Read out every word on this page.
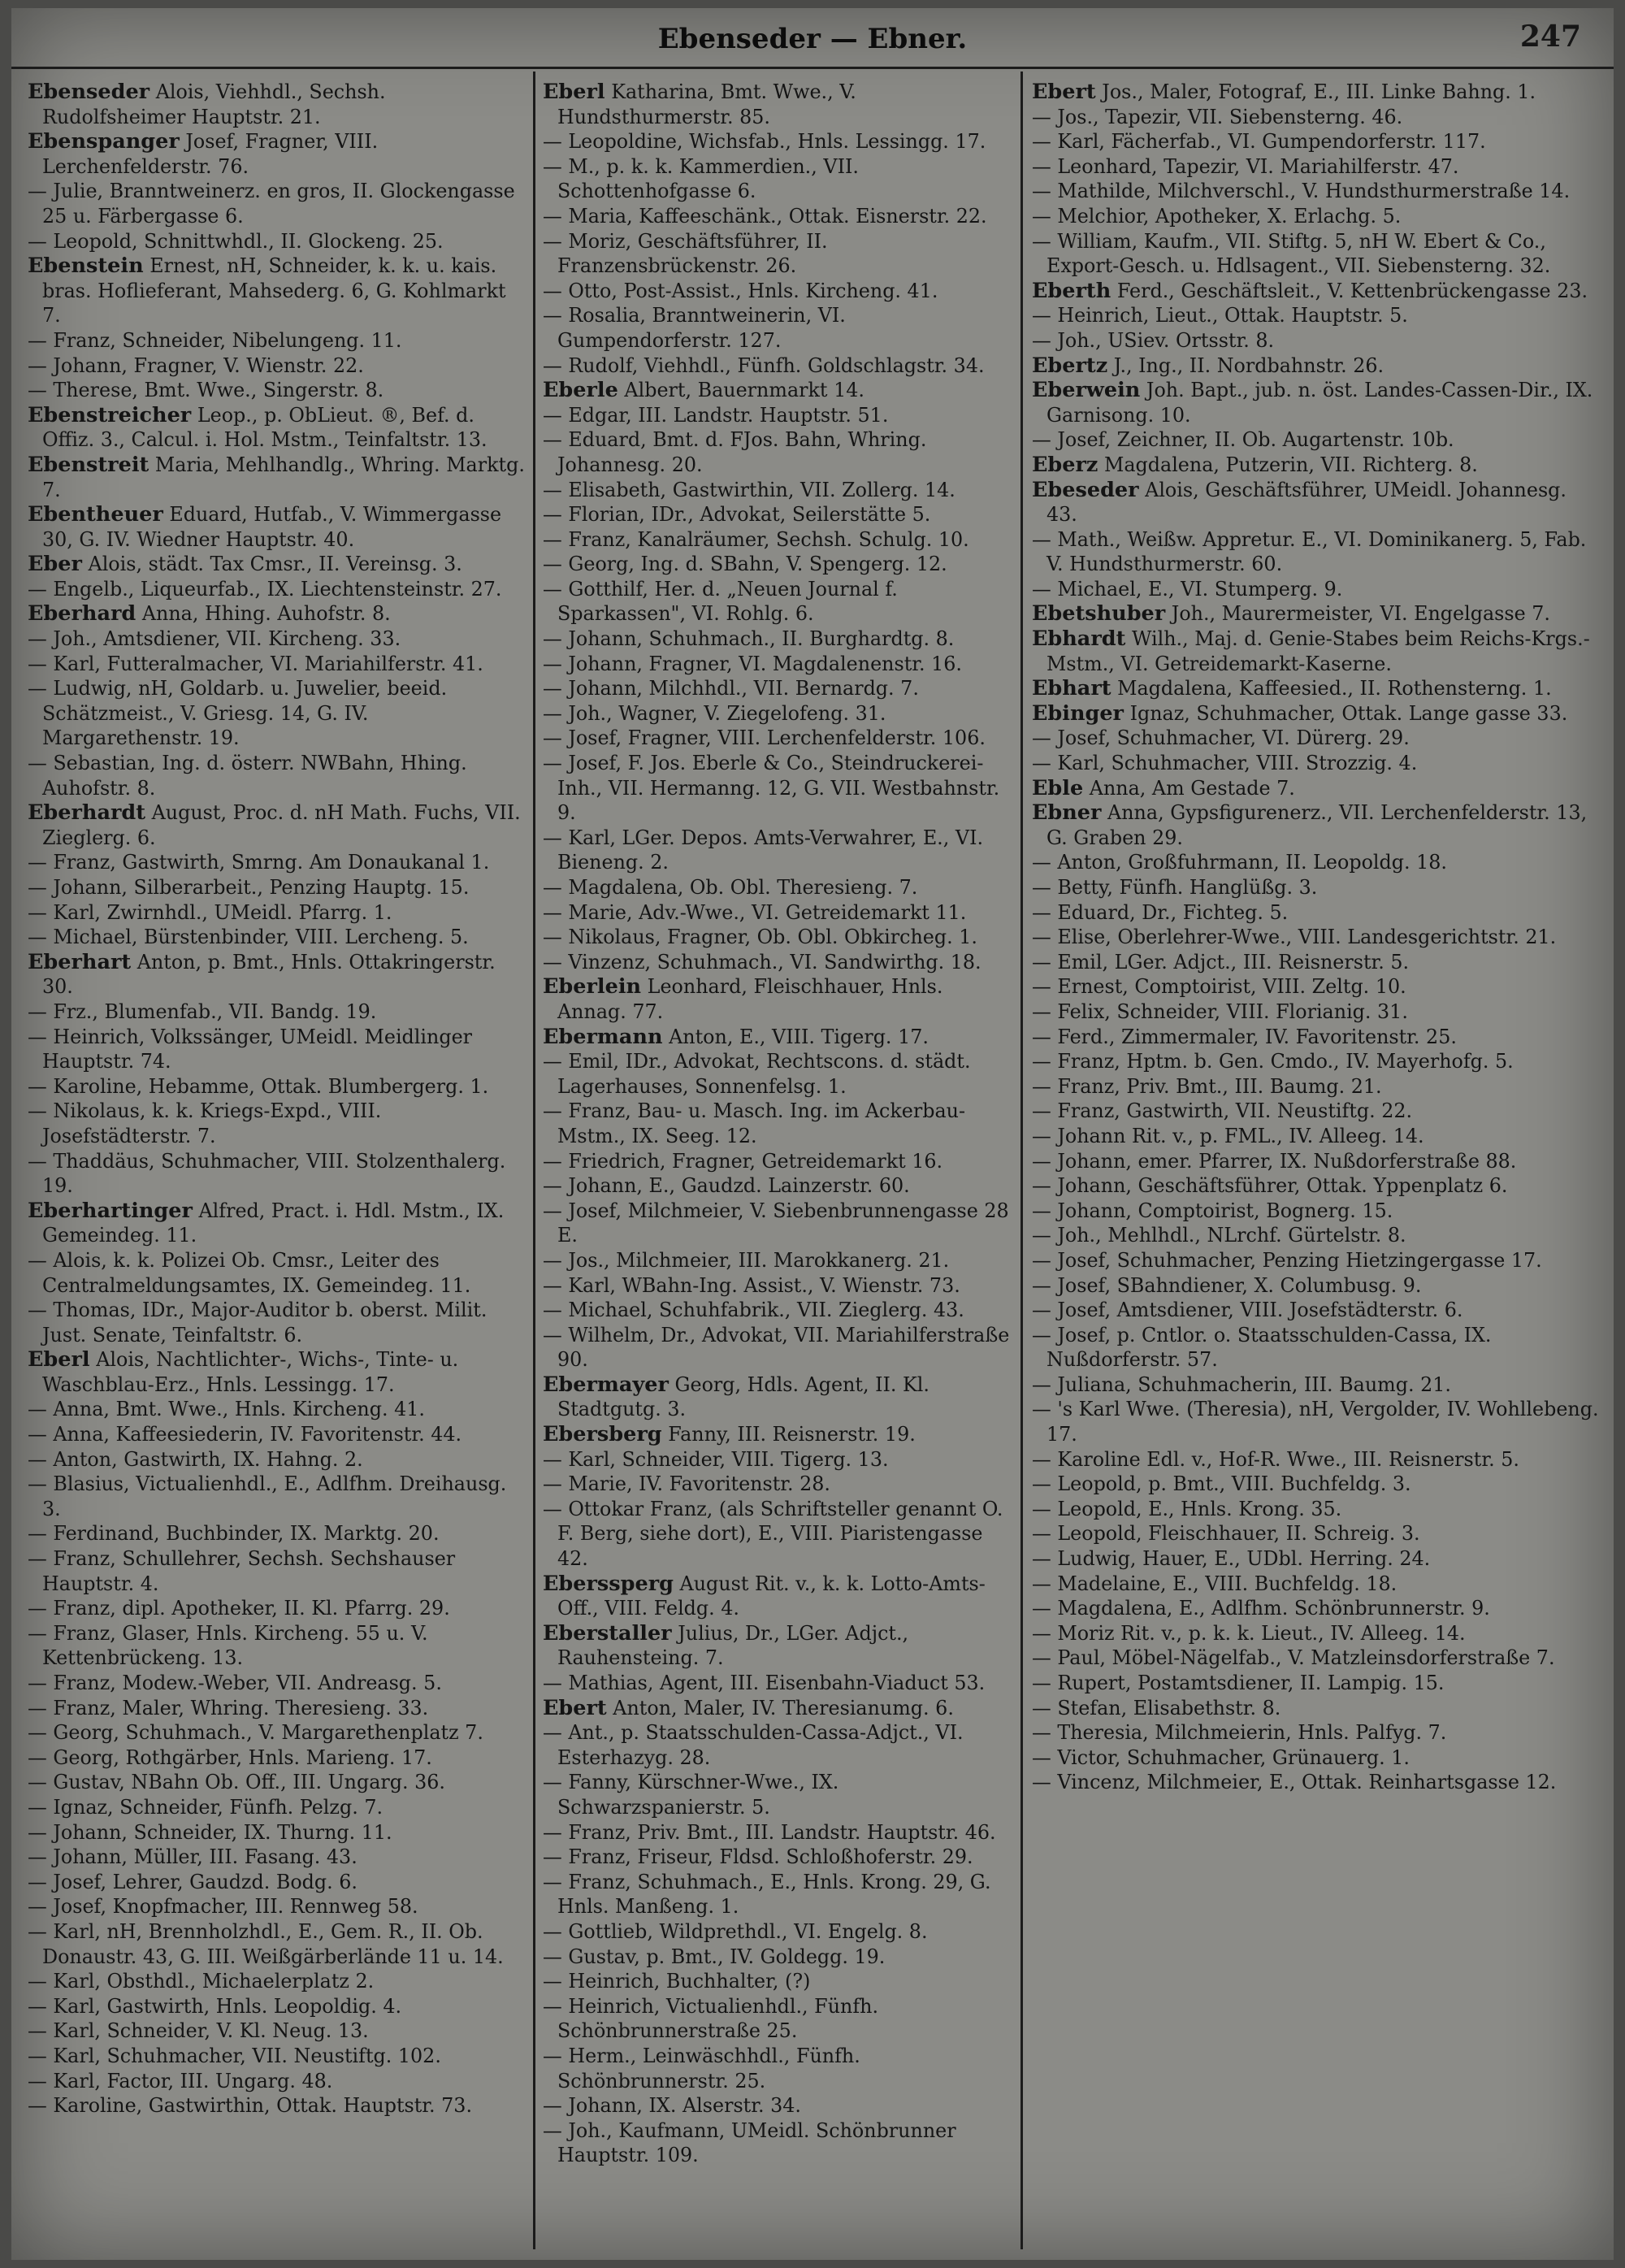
Ebenseder — Ebner.	247

Ebenseder Alois, Viehhdl., Sechsh. Rudolfsheimer Hauptstr. 21.

Ebenspanger Josef, Fragner, VIII. Lerchenfelderstr. 76.

— Julie, Branntweinerz. en gros, II. Glockengasse 25 u. Färbergasse 6.

— Leopold, Schnittwhdl., II. Glockeng. 25.

Ebenstein Ernest, nH, Schneider, k. k. u. kais. bras. Hoflieferant, Mahsederg. 6, G. Kohlmarkt 7.

— Franz, Schneider, Nibelungeng. 11.

— Johann, Fragner, V. Wienstr. 22.

— Therese, Bmt. Wwe., Singerstr. 8.

Ebenstreicher Leop., p. ObLieut. ®, Bef. d. Offiz. 3., Calcul. i. Hol. Mstm., Teinfaltstr. 13.

Ebenstreit Maria, Mehlhandlg., Whring. Marktg. 7.

Ebentheuer Eduard, Hutfab., V. Wimmergasse 30, G. IV. Wiedner Hauptstr. 40.

Eber Alois, städt. Tax Cmsr., II. Vereinsg. 3.

— Engelb., Liqueurfab., IX. Liechtensteinstr. 27.

Eberhard Anna, Hhing. Auhofstr. 8.

— Joh., Amtsdiener, VII. Kircheng. 33.

— Karl, Futteralmacher, VI. Mariahilferstr. 41.

— Ludwig, nH, Goldarb. u. Juwelier, beeid. Schätzmeist., V. Griesg. 14, G. IV. Margarethenstr. 19.

— Sebastian, Ing. d. österr. NWBahn, Hhing. Auhofstr. 8.

Eberhardt August, Proc. d. nH Math. Fuchs, VII. Zieglerg. 6.

— Franz, Gastwirth, Smrng. Am Donaukanal 1.

— Johann, Silberarbeit., Penzing Hauptg. 15.

— Karl, Zwirnhdl., UMeidl. Pfarrg. 1.

— Michael, Bürstenbinder, VIII. Lercheng. 5.

Eberhart Anton, p. Bmt., Hnls. Ottakringerstr. 30.

— Frz., Blumenfab., VII. Bandg. 19.

— Heinrich, Volkssänger, UMeidl. Meidlinger Hauptstr. 74.

— Karoline, Hebamme, Ottak. Blumbergerg. 1.

— Nikolaus, k. k. Kriegs-Expd., VIII. Josefstädterstr. 7.

— Thaddäus, Schuhmacher, VIII. Stolzenthalerg. 19.

Eberhartinger Alfred, Pract. i. Hdl. Mstm., IX. Gemeindeg. 11.

— Alois, k. k. Polizei Ob. Cmsr., Leiter des Centralmeldungsamtes, IX. Gemeindeg. 11.

— Thomas, IDr., Major-Auditor b. oberst. Milit. Just. Senate, Teinfaltstr. 6.

Eberl Alois, Nachtlichter-, Wichs-, Tinte- u. Waschblau-Erz., Hnls. Lessingg. 17.

— Anna, Bmt. Wwe., Hnls. Kircheng. 41.

— Anna, Kaffeesiederin, IV. Favoritenstr. 44.

— Anton, Gastwirth, IX. Hahng. 2.

— Blasius, Victualienhdl., E., Adlfhm. Dreihausg. 3.

— Ferdinand, Buchbinder, IX. Marktg. 20.

— Franz, Schullehrer, Sechsh. Sechshauser Hauptstr. 4.

— Franz, dipl. Apotheker, II. Kl. Pfarrg. 29.

— Franz, Glaser, Hnls. Kircheng. 55 u. V. Kettenbrückeng. 13.

— Franz, Modew.-Weber, VII. Andreasg. 5.

— Franz, Maler, Whring. Theresieng. 33.

— Georg, Schuhmach., V. Margarethenplatz 7.

— Georg, Rothgärber, Hnls. Marieng. 17.

— Gustav, NBahn Ob. Off., III. Ungarg. 36.

— Ignaz, Schneider, Fünfh. Pelzg. 7.

— Johann, Schneider, IX. Thurng. 11.

— Johann, Müller, III. Fasang. 43.

— Josef, Lehrer, Gaudzd. Bodg. 6.

— Josef, Knopfmacher, III. Rennweg 58.

— Karl, nH, Brennholzhdl., E., Gem. R., II. Ob. Donaustr. 43, G. III. Weißgärberlände 11 u. 14.

— Karl, Obsthdl., Michaelerplatz 2.

— Karl, Gastwirth, Hnls. Leopoldig. 4.

— Karl, Schneider, V. Kl. Neug. 13.

— Karl, Schuhmacher, VII. Neustiftg. 102.

— Karl, Factor, III. Ungarg. 48.

— Karoline, Gastwirthin, Ottak. Hauptstr. 73.

Eberl Katharina, Bmt. Wwe., V. Hundsthurmerstr. 85.

— Leopoldine, Wichsfab., Hnls. Lessingg. 17.

— M., p. k. k. Kammerdien., VII. Schottenhofgasse 6.

— Maria, Kaffeeschänk., Ottak. Eisnerstr. 22.

— Moriz, Geschäftsführer, II. Franzensbrückenstr. 26.

— Otto, Post-Assist., Hnls. Kircheng. 41.

— Rosalia, Branntweinerin, VI. Gumpendorferstr. 127.

— Rudolf, Viehhdl., Fünfh. Goldschlagstr. 34.

Eberle Albert, Bauernmarkt 14.

— Edgar, III. Landstr. Hauptstr. 51.

— Eduard, Bmt. d. FJos. Bahn, Whring. Johannesg. 20.

— Elisabeth, Gastwirthin, VII. Zollerg. 14.

— Florian, IDr., Advokat, Seilerstätte 5.

— Franz, Kanalräumer, Sechsh. Schulg. 10.

— Georg, Ing. d. SBahn, V. Spengerg. 12.

— Gotthilf, Her. d. „Neuen Journal f. Sparkassen", VI. Rohlg. 6.

— Johann, Schuhmach., II. Burghardtg. 8.

— Johann, Fragner, VI. Magdalenenstr. 16.

— Johann, Milchhdl., VII. Bernardg. 7.

— Joh., Wagner, V. Ziegelofeng. 31.

— Josef, Fragner, VIII. Lerchenfelderstr. 106.

— Josef, F. Jos. Eberle & Co., Steindruckerei-Inh., VII. Hermanng. 12, G. VII. Westbahnstr. 9.

— Karl, LGer. Depos. Amts-Verwahrer, E., VI. Bieneng. 2.

— Magdalena, Ob. Obl. Theresieng. 7.

— Marie, Adv.-Wwe., VI. Getreidemarkt 11.

— Nikolaus, Fragner, Ob. Obl. Obkircheg. 1.

— Vinzenz, Schuhmach., VI. Sandwirthg. 18.

Eberlein Leonhard, Fleischhauer, Hnls. Annag. 77.

Ebermann Anton, E., VIII. Tigerg. 17.

— Emil, IDr., Advokat, Rechtscons. d. städt. Lagerhauses, Sonnenfelsg. 1.

— Franz, Bau- u. Masch. Ing. im Ackerbau-Mstm., IX. Seeg. 12.

— Friedrich, Fragner, Getreidemarkt 16.

— Johann, E., Gaudzd. Lainzerstr. 60.

— Josef, Milchmeier, V. Siebenbrunnengasse 28 E.

— Jos., Milchmeier, III. Marokkanerg. 21.

— Karl, WBahn-Ing. Assist., V. Wienstr. 73.

— Michael, Schuhfabrik., VII. Zieglerg. 43.

— Wilhelm, Dr., Advokat, VII. Mariahilferstraße 90.

Ebermayer Georg, Hdls. Agent, II. Kl. Stadtgutg. 3.

Ebersberg Fanny, III. Reisnerstr. 19.

— Karl, Schneider, VIII. Tigerg. 13.

— Marie, IV. Favoritenstr. 28.

— Ottokar Franz, (als Schriftsteller genannt O. F. Berg, siehe dort), E., VIII. Piaristengasse 42.

Eberssperg August Rit. v., k. k. Lotto-Amts-Off., VIII. Feldg. 4.

Eberstaller Julius, Dr., LGer. Adjct., Rauhensteing. 7.

— Mathias, Agent, III. Eisenbahn-Viaduct 53.

Ebert Anton, Maler, IV. Theresianumg. 6.

— Ant., p. Staatsschulden-Cassa-Adjct., VI. Esterhazyg. 28.

— Fanny, Kürschner-Wwe., IX. Schwarzspanierstr. 5.

— Franz, Priv. Bmt., III. Landstr. Hauptstr. 46.

— Franz, Friseur, Fldsd. Schloßhoferstr. 29.

— Franz, Schuhmach., E., Hnls. Krong. 29, G. Hnls. Manßeng. 1.

— Gottlieb, Wildprethdl., VI. Engelg. 8.

— Gustav, p. Bmt., IV. Goldegg. 19.

— Heinrich, Buchhalter, (?)

— Heinrich, Victualienhdl., Fünfh. Schönbrunnerstraße 25.

— Herm., Leinwäschhdl., Fünfh. Schönbrunnerstr. 25.

— Johann, IX. Alserstr. 34.

— Joh., Kaufmann, UMeidl. Schönbrunner Hauptstr. 109.

Ebert Jos., Maler, Fotograf, E., III. Linke Bahng. 1.

— Jos., Tapezir, VII. Siebensterng. 46.

— Karl, Fächerfab., VI. Gumpendorferstr. 117.

— Leonhard, Tapezir, VI. Mariahilferstr. 47.

— Mathilde, Milchverschl., V. Hundsthurmerstraße 14.

— Melchior, Apotheker, X. Erlachg. 5.

— William, Kaufm., VII. Stiftg. 5, nH W. Ebert & Co., Export-Gesch. u. Hdlsagent., VII. Siebensterng. 32.

Eberth Ferd., Geschäftsleit., V. Kettenbrückengasse 23.

— Heinrich, Lieut., Ottak. Hauptstr. 5.

— Joh., USiev. Ortsstr. 8.

Ebertz J., Ing., II. Nordbahnstr. 26.

Eberwein Joh. Bapt., jub. n. öst. Landes-Cassen-Dir., IX. Garnisong. 10.

— Josef, Zeichner, II. Ob. Augartenstr. 10b.

Eberz Magdalena, Putzerin, VII. Richterg. 8.

Ebeseder Alois, Geschäftsführer, UMeidl. Johannesg. 43.

— Math., Weißw. Appretur. E., VI. Dominikanerg. 5, Fab. V. Hundsthurmerstr. 60.

— Michael, E., VI. Stumperg. 9.

Ebetshuber Joh., Maurermeister, VI. Engelgasse 7.

Ebhardt Wilh., Maj. d. Genie-Stabes beim Reichs-Krgs.-Mstm., VI. Getreidemarkt-Kaserne.

Ebhart Magdalena, Kaffeesied., II. Rothensterng. 1.

Ebinger Ignaz, Schuhmacher, Ottak. Lange gasse 33.

— Josef, Schuhmacher, VI. Dürerg. 29.

— Karl, Schuhmacher, VIII. Strozzig. 4.

Eble Anna, Am Gestade 7.

Ebner Anna, Gypsfigurenerz., VII. Lerchenfelderstr. 13, G. Graben 29.

— Anton, Großfuhrmann, II. Leopoldg. 18.

— Betty, Fünfh. Hanglüßg. 3.

— Eduard, Dr., Fichteg. 5.

— Elise, Oberlehrer-Wwe., VIII. Landesgerichtstr. 21.

— Emil, LGer. Adjct., III. Reisnerstr. 5.

— Ernest, Comptoirist, VIII. Zeltg. 10.

— Felix, Schneider, VIII. Florianig. 31.

— Ferd., Zimmermaler, IV. Favoritenstr. 25.

— Franz, Hptm. b. Gen. Cmdo., IV. Mayerhofg. 5.

— Franz, Priv. Bmt., III. Baumg. 21.

— Franz, Gastwirth, VII. Neustiftg. 22.

— Johann Rit. v., p. FML., IV. Alleeg. 14.

— Johann, emer. Pfarrer, IX. Nußdorferstraße 88.

— Johann, Geschäftsführer, Ottak. Yppenplatz 6.

— Johann, Comptoirist, Bognerg. 15.

— Joh., Mehlhdl., NLrchf. Gürtelstr. 8.

— Josef, Schuhmacher, Penzing Hietzingergasse 17.

— Josef, SBahndiener, X. Columbusg. 9.

— Josef, Amtsdiener, VIII. Josefstädterstr. 6.

— Josef, p. Cntlor. o. Staatsschulden-Cassa, IX. Nußdorferstr. 57.

— Juliana, Schuhmacherin, III. Baumg. 21.

— 's Karl Wwe. (Theresia), nH, Vergolder, IV. Wohllebeng. 17.

— Karoline Edl. v., Hof-R. Wwe., III. Reisnerstr. 5.

— Leopold, p. Bmt., VIII. Buchfeldg. 3.

— Leopold, E., Hnls. Krong. 35.

— Leopold, Fleischhauer, II. Schreig. 3.

— Ludwig, Hauer, E., UDbl. Herring. 24.

— Madelaine, E., VIII. Buchfeldg. 18.

— Magdalena, E., Adlfhm. Schönbrunnerstr. 9.

— Moriz Rit. v., p. k. k. Lieut., IV. Alleeg. 14.

— Paul, Möbel-Nägelfab., V. Matzleinsdorferstraße 7.

— Rupert, Postamtsdiener, II. Lampig. 15.

— Stefan, Elisabethstr. 8.

— Theresia, Milchmeierin, Hnls. Palfyg. 7.

— Victor, Schuhmacher, Grünauerg. 1.

— Vincenz, Milchmeier, E., Ottak. Reinhartsgasse 12.
